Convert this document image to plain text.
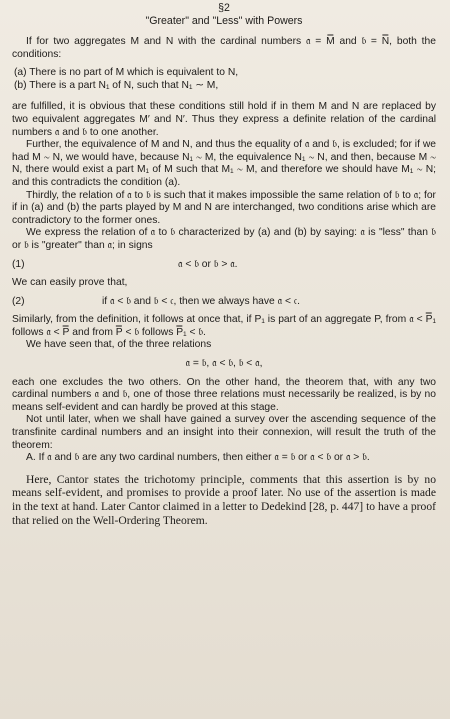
§2
"Greater" and "Less" with Powers

If for two aggregates M and N with the cardinal numbers 𝔞 = M̿ and 𝔟 = N̿, both the conditions:

(a) There is no part of M which is equivalent to N,
(b) There is a part N₁ of N, such that N₁ ∼ M,

are fulfilled, it is obvious that these conditions still hold if in them M and N are replaced by two equivalent aggregates M′ and N′. Thus they express a definite relation of the cardinal numbers 𝔞 and 𝔟 to one another.

Further, the equivalence of M and N, and thus the equality of 𝔞 and 𝔟, is excluded; for if we had M ∼ N, we would have, because N₁ ∼ M, the equivalence N₁ ∼ N, and then, because M ∼ N, there would exist a part M₁ of M such that M₁ ∼ M, and therefore we should have M₁ ∼ N; and this contradicts the condition (a).

Thirdly, the relation of 𝔞 to 𝔟 is such that it makes impossible the same relation of 𝔟 to 𝔞; for if in (a) and (b) the parts played by M and N are interchanged, two conditions arise which are contradictory to the former ones.

We express the relation of 𝔞 to 𝔟 characterized by (a) and (b) by saying: 𝔞 is "less" than 𝔟 or 𝔟 is "greater" than 𝔞; in signs

(1)	𝔞 < 𝔟 or 𝔟 > 𝔞.

We can easily prove that,

(2)	if 𝔞 < 𝔟 and 𝔟 < 𝔠, then we always have 𝔞 < 𝔠.

Similarly, from the definition, it follows at once that, if P₁ is part of an aggregate P, from 𝔞 < P̿₁ follows 𝔞 < P̿ and from P̿ < 𝔟 follows P̿₁ < 𝔟.

We have seen that, of the three relations

𝔞 = 𝔟, 𝔞 < 𝔟, 𝔟 < 𝔞,

each one excludes the two others. On the other hand, the theorem that, with any two cardinal numbers 𝔞 and 𝔟, one of those three relations must necessarily be realized, is by no means self-evident and can hardly be proved at this stage.

Not until later, when we shall have gained a survey over the ascending sequence of the transfinite cardinal numbers and an insight into their connexion, will result the truth of the theorem:

A. If 𝔞 and 𝔟 are any two cardinal numbers, then either 𝔞 = 𝔟 or 𝔞 < 𝔟 or 𝔞 > 𝔟.

Here, Cantor states the trichotomy principle, comments that this assertion is by no means self-evident, and promises to provide a proof later. No use of the assertion is made in the text at hand. Later Cantor claimed in a letter to Dedekind [28, p. 447] to have a proof that relied on the Well-Ordering Theorem.
